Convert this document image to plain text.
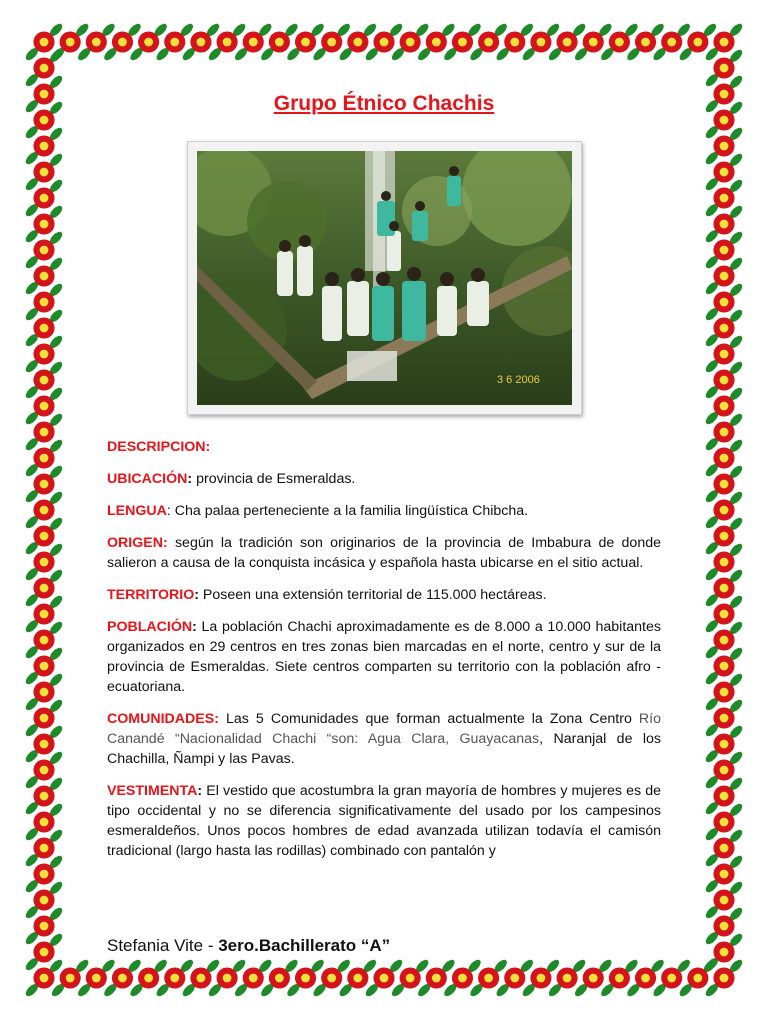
Grupo Étnico Chachis
3 6 2006

DESCRIPCION:

UBICACIÓN: provincia de Esmeraldas.

LENGUA: Cha palaa perteneciente a la familia lingüística Chibcha.

ORIGEN: según la tradición son originarios de la provincia de Imbabura de donde salieron a causa de la conquista incásica y española hasta ubicarse en el sitio actual.

TERRITORIO: Poseen una extensión territorial de 115.000 hectáreas.

POBLACIÓN: La población Chachi aproximadamente es de 8.000 a 10.000 habitantes organizados en 29 centros en tres zonas bien marcadas en el norte, centro y sur de la provincia de Esmeraldas. Siete centros comparten su territorio con la población afro - ecuatoriana.

COMUNIDADES: Las 5 Comunidades que forman actualmente la Zona Centro Río Canandé “Nacionalidad Chachi “son: Agua Clara, Guayacanas, Naranjal de los Chachilla, Ñampi y las Pavas.

VESTIMENTA: El vestido que acostumbra la gran mayoría de hombres y mujeres es de tipo occidental y no se diferencia significativamente del usado por los campesinos esmeraldeños. Unos pocos hombres de edad avanzada utilizan todavía el camisón tradicional (largo hasta las rodillas) combinado con pantalón y

Stefania Vite - 3ero.Bachillerato “A”
